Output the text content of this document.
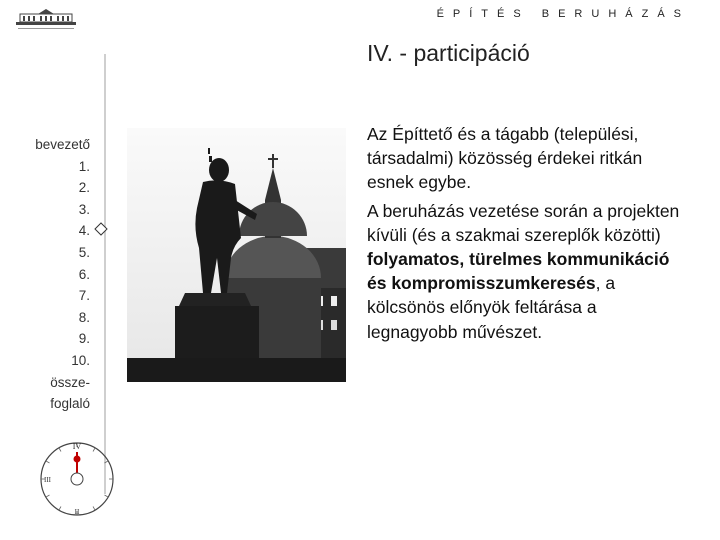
ÉPÍTÉS BERUHÁZÁS
IV. - participáció
bevezető
1.
2.
3.
4.
5.
6.
7.
8.
9.
10.
össze-
foglaló

Az Építtető és a tágabb (települési, társadalmi) közösség érdekei ritkán esnek egybe.

A beruházás vezetése során a projekten kívüli (és a szakmai szereplők közötti) folyamatos, türelmes kommunikáció és kompromisszumkeresés, a kölcsönös előnyök feltárása a legnagyobb művészet.

IV
III
II
